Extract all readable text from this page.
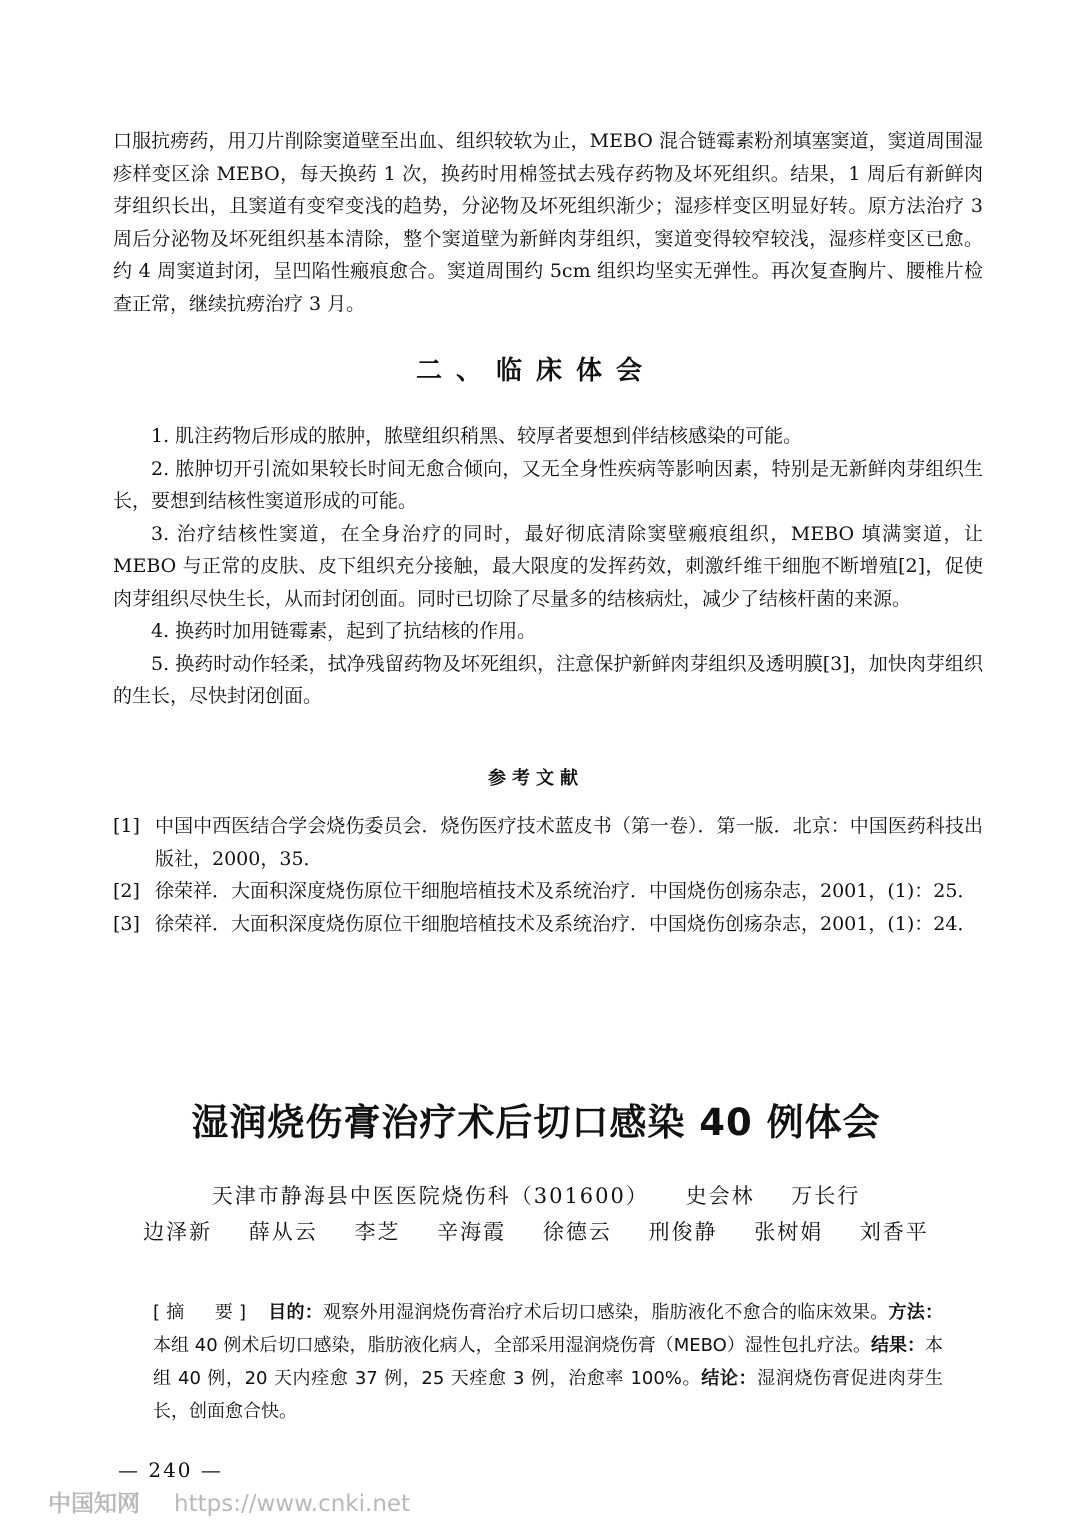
口服抗痨药，用刀片削除窦道壁至出血、组织较软为止，MEBO 混合链霉素粉剂填塞窦道，窦道周围湿疹样变区涂 MEBO，每天换药 1 次，换药时用棉签拭去残存药物及坏死组织。结果，1 周后有新鲜肉芽组织长出，且窦道有变窄变浅的趋势，分泌物及坏死组织渐少；湿疹样变区明显好转。原方法治疗 3 周后分泌物及坏死组织基本清除，整个窦道壁为新鲜肉芽组织，窦道变得较窄较浅，湿疹样变区已愈。约 4 周窦道封闭，呈凹陷性瘢痕愈合。窦道周围约 5cm 组织均坚实无弹性。再次复查胸片、腰椎片检查正常，继续抗痨治疗 3 月。

二、临床体会

1. 肌注药物后形成的脓肿，脓壁组织稍黑、较厚者要想到伴结核感染的可能。

2. 脓肿切开引流如果较长时间无愈合倾向，又无全身性疾病等影响因素，特别是无新鲜肉芽组织生长，要想到结核性窦道形成的可能。

3. 治疗结核性窦道，在全身治疗的同时，最好彻底清除窦壁瘢痕组织，MEBO 填满窦道，让 MEBO 与正常的皮肤、皮下组织充分接触，最大限度的发挥药效，刺激纤维干细胞不断增殖[2]，促使肉芽组织尽快生长，从而封闭创面。同时已切除了尽量多的结核病灶，减少了结核杆菌的来源。

4. 换药时加用链霉素，起到了抗结核的作用。

5. 换药时动作轻柔，拭净残留药物及坏死组织，注意保护新鲜肉芽组织及透明膜[3]，加快肉芽组织的生长，尽快封闭创面。

参考文献

[1] 中国中西医结合学会烧伤委员会．烧伤医疗技术蓝皮书（第一卷）．第一版．北京：中国医药科技出版社，2000，35．

[2] 徐荣祥．大面积深度烧伤原位干细胞培植技术及系统治疗．中国烧伤创疡杂志，2001，(1)：25．

[3] 徐荣祥．大面积深度烧伤原位干细胞培植技术及系统治疗．中国烧伤创疡杂志，2001，(1)：24．

湿润烧伤膏治疗术后切口感染 40 例体会
天津市静海县中医医院烧伤科（301600） 史会林 万长行
边泽新 薛从云 李芝 辛海霞 徐德云 刑俊静 张树娟 刘香平

[摘　要] 目的：观察外用湿润烧伤膏治疗术后切口感染，脂肪液化不愈合的临床效果。方法：本组 40 例术后切口感染，脂肪液化病人，全部采用湿润烧伤膏（MEBO）湿性包扎疗法。结果：本组 40 例，20 天内痊愈 37 例，25 天痊愈 3 例，治愈率 100%。结论：湿润烧伤膏促进肉芽生长，创面愈合快。

— 240 —
中国知网 https://www.cnki.net
